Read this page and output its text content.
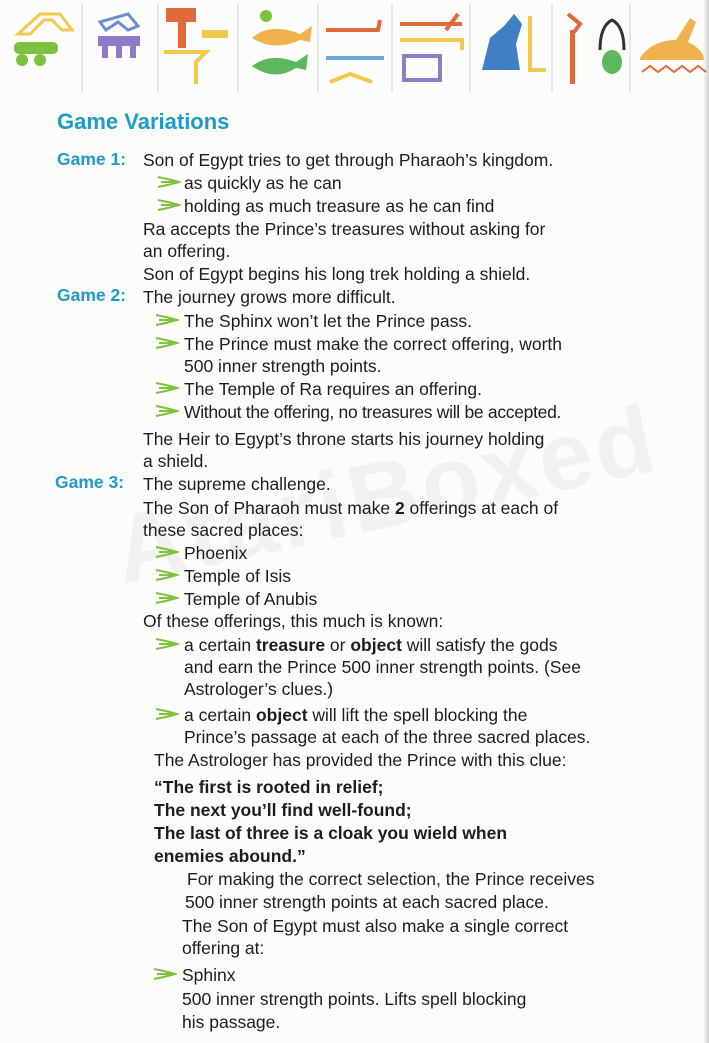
Game Variations
Game 1: Son of Egypt tries to get through Pharaoh’s kingdom.
as quickly as he can
holding as much treasure as he can find
Ra accepts the Prince’s treasures without asking for
an offering.
Son of Egypt begins his long trek holding a shield.
Game 2: The journey grows more difficult.
The Sphinx won’t let the Prince pass.
The Prince must make the correct offering, worth
500 inner strength points.
The Temple of Ra requires an offering.
Without the offering, no treasures will be accepted.
The Heir to Egypt’s throne starts his journey holding
a shield.
Game 3: The supreme challenge.
The Son of Pharaoh must make 2 offerings at each of
these sacred places:
Phoenix
Temple of Isis
Temple of Anubis
Of these offerings, this much is known:
a certain treasure or object will satisfy the gods
and earn the Prince 500 inner strength points. (See
Astrologer’s clues.)
a certain object will lift the spell blocking the
Prince’s passage at each of the three sacred places.
The Astrologer has provided the Prince with this clue:
“The first is rooted in relief;
The next you’ll find well-found;
The last of three is a cloak you wield when
enemies abound.”
For making the correct selection, the Prince receives
500 inner strength points at each sacred place.
The Son of Egypt must also make a single correct
offering at:
Sphinx
500 inner strength points. Lifts spell blocking
his passage.
